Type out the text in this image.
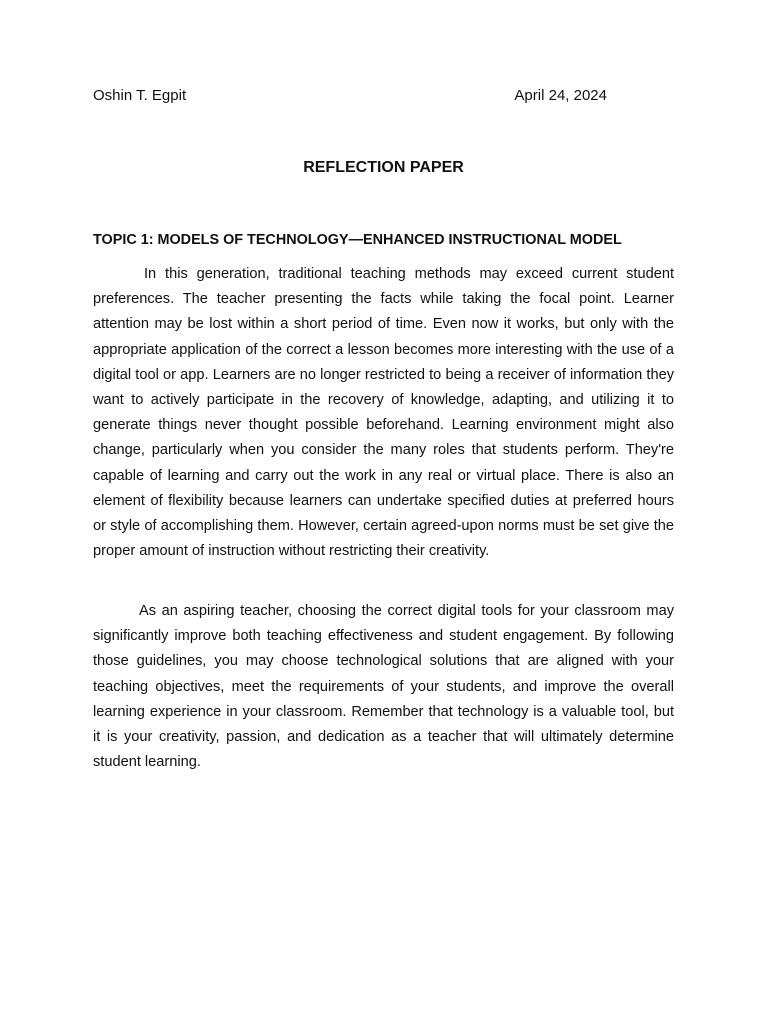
Oshin T. Egpit	April 24, 2024
REFLECTION PAPER
TOPIC 1: MODELS OF TECHNOLOGY—ENHANCED INSTRUCTIONAL MODEL

In this generation, traditional teaching methods may exceed current student preferences. The teacher presenting the facts while taking the focal point. Learner attention may be lost within a short period of time. Even now it works, but only with the appropriate application of the correct a lesson becomes more interesting with the use of a digital tool or app. Learners are no longer restricted to being a receiver of information they want to actively participate in the recovery of knowledge, adapting, and utilizing it to generate things never thought possible beforehand. Learning environment might also change, particularly when you consider the many roles that students perform. They're capable of learning and carry out the work in any real or virtual place. There is also an element of flexibility because learners can undertake specified duties at preferred hours or style of accomplishing them. However, certain agreed-upon norms must be set give the proper amount of instruction without restricting their creativity.

As an aspiring teacher, choosing the correct digital tools for your classroom may significantly improve both teaching effectiveness and student engagement. By following those guidelines, you may choose technological solutions that are aligned with your teaching objectives, meet the requirements of your students, and improve the overall learning experience in your classroom. Remember that technology is a valuable tool, but it is your creativity, passion, and dedication as a teacher that will ultimately determine student learning.
